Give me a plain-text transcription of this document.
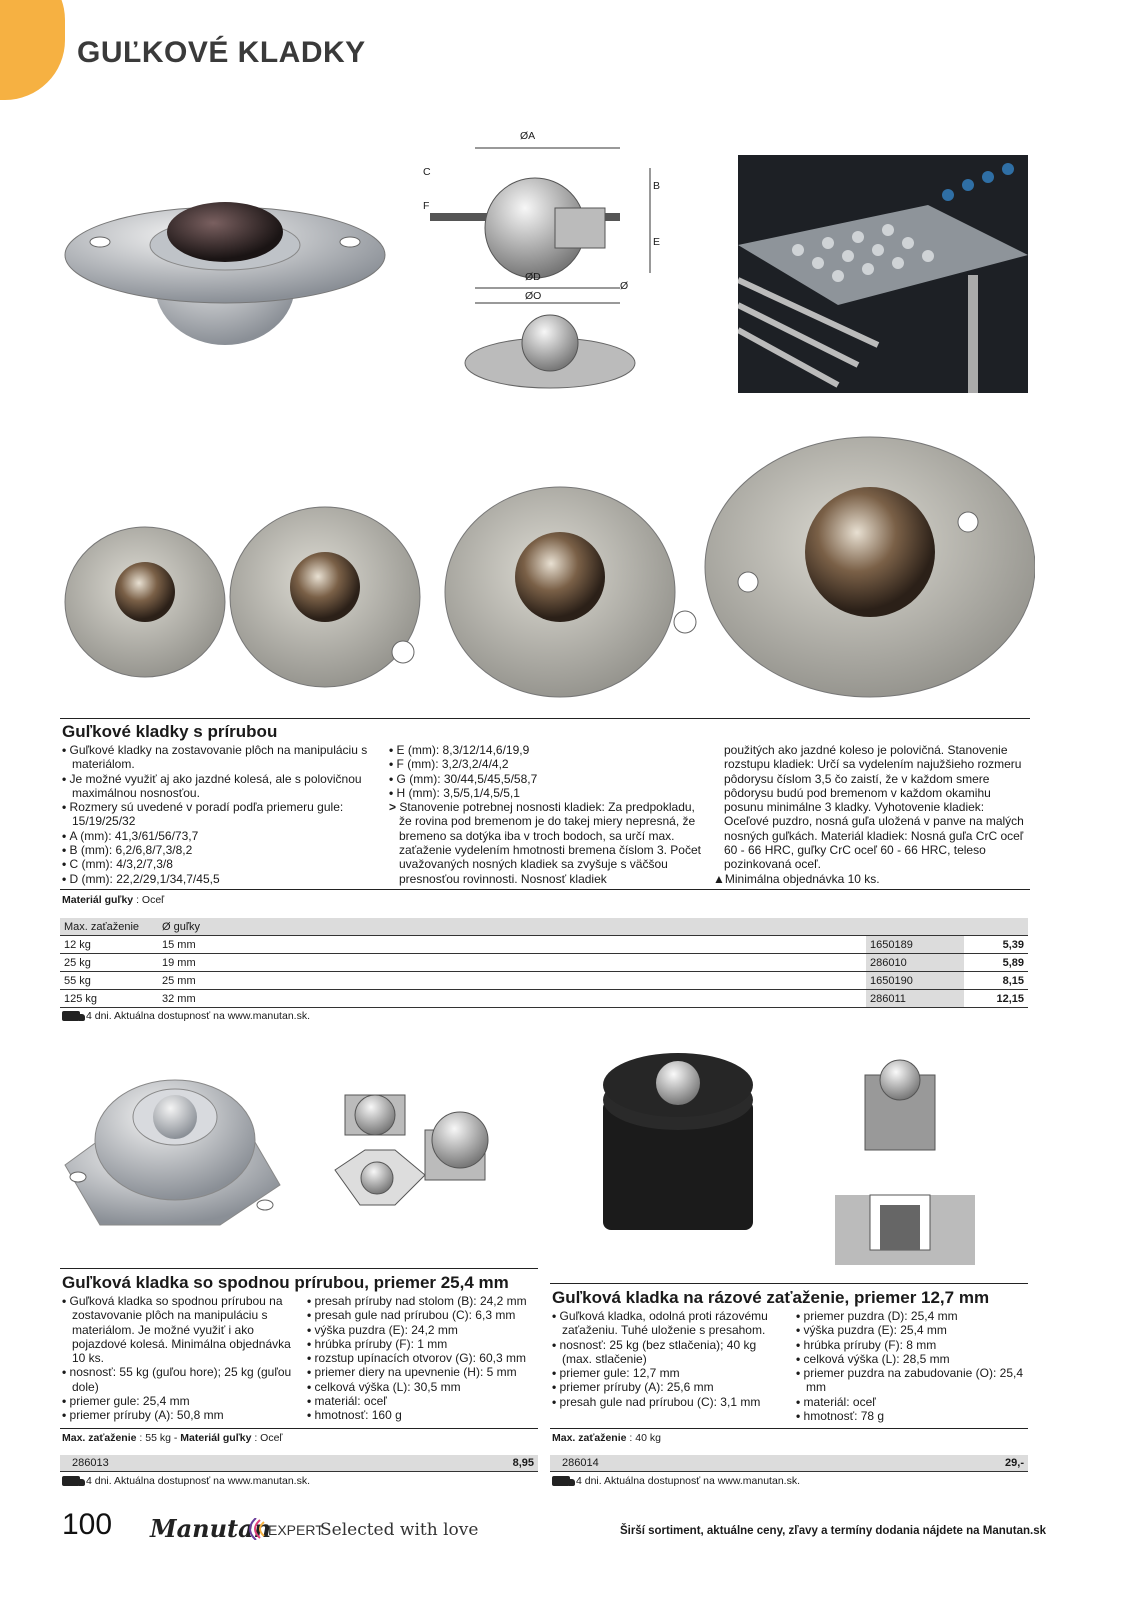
GUĽKOVÉ KLADKY
ØA
C
F
B
E
ØD
ØO
Ø
Guľkové kladky s prírubou
• Guľkové kladky na zostavovanie plôch na manipuláciu s materiálom.
• Je možné využiť aj ako jazdné kolesá, ale s polovičnou maximálnou nosnosťou.
• Rozmery sú uvedené v poradí podľa priemeru gule: 15/19/25/32
• A (mm): 41,3/61/56/73,7
• B (mm): 6,2/6,8/7,3/8,2
• C (mm): 4/3,2/7,3/8
• D (mm): 22,2/29,1/34,7/45,5
• E (mm): 8,3/12/14,6/19,9
• F (mm): 3,2/3,2/4/4,2
• G (mm): 30/44,5/45,5/58,7
• H (mm): 3,5/5,1/4,5/5,1
> Stanovenie potrebnej nosnosti kladiek: Za predpokladu, že rovina pod bremenom je do takej miery nepresná, že bremeno sa dotýka iba v troch bodoch, sa určí max. zaťaženie vydelením hmotnosti bremena číslom 3. Počet uvažovaných nosných kladiek sa zvyšuje s väčšou presnosťou rovinnosti. Nosnosť kladiek
použitých ako jazdné koleso je polovičná. Stanovenie rozstupu kladiek: Určí sa vydelením najužšieho rozmeru pôdorysu číslom 3,5 čo zaistí, že v každom smere pôdorysu budú pod bremenom v každom okamihu posunu minimálne 3 kladky. Vyhotovenie kladiek: Oceľové puzdro, nosná guľa uložená v panve na malých nosných guľkách. Materiál kladiek: Nosná guľa CrC oceľ 60 - 66 HRC, guľky CrC oceľ 60 - 66 HRC, teleso pozinkovaná oceľ.
▲Minimálna objednávka 10 ks.
Materiál guľky : Oceľ
Max. zaťaženie	Ø guľky		
12 kg	15 mm	1650189	5,39
25 kg	19 mm	286010	5,89
55 kg	25 mm	1650190	8,15
125 kg	32 mm	286011	12,15
4 dni. Aktuálna dostupnosť na www.manutan.sk.
Guľková kladka so spodnou prírubou, priemer 25,4 mm
• Guľková kladka so spodnou prírubou na zostavovanie plôch na manipuláciu s materiálom. Je možné využiť i ako pojazdové kolesá. Minimálna objednávka 10 ks.
• nosnosť: 55 kg (guľou hore); 25 kg (guľou dole)
• priemer gule: 25,4 mm
• priemer príruby (A): 50,8 mm
• presah príruby nad stolom (B): 24,2 mm
• presah gule nad prírubou (C): 6,3 mm
• výška puzdra (E): 24,2 mm
• hrúbka príruby (F): 1 mm
• rozstup upínacích otvorov (G): 60,3 mm
• priemer diery na upevnenie (H): 5 mm
• celková výška (L): 30,5 mm
• materiál: oceľ
• hmotnosť: 160 g
Max. zaťaženie : 55 kg - Materiál guľky : Oceľ
286013	8,95
4 dni. Aktuálna dostupnosť na www.manutan.sk.
Guľková kladka na rázové zaťaženie, priemer 12,7 mm
• Guľková kladka, odolná proti rázovému zaťaženiu. Tuhé uloženie s presahom.
• nosnosť: 25 kg (bez stlačenia); 40 kg (max. stlačenie)
• priemer gule: 12,7 mm
• priemer príruby (A): 25,6 mm
• presah gule nad prírubou (C): 3,1 mm
• priemer puzdra (D): 25,4 mm
• výška puzdra (E): 25,4 mm
• hrúbka príruby (F): 8 mm
• celková výška (L): 28,5 mm
• priemer puzdra na zabudovanie (O): 25,4 mm
• materiál: oceľ
• hmotnosť: 78 g
Max. zaťaženie : 40 kg
286014	29,-
4 dni. Aktuálna dostupnosť na www.manutan.sk.
100 Manutan
EXPERT
Selected with love	Širší sortiment, aktuálne ceny, zľavy a termíny dodania nájdete na Manutan.sk
